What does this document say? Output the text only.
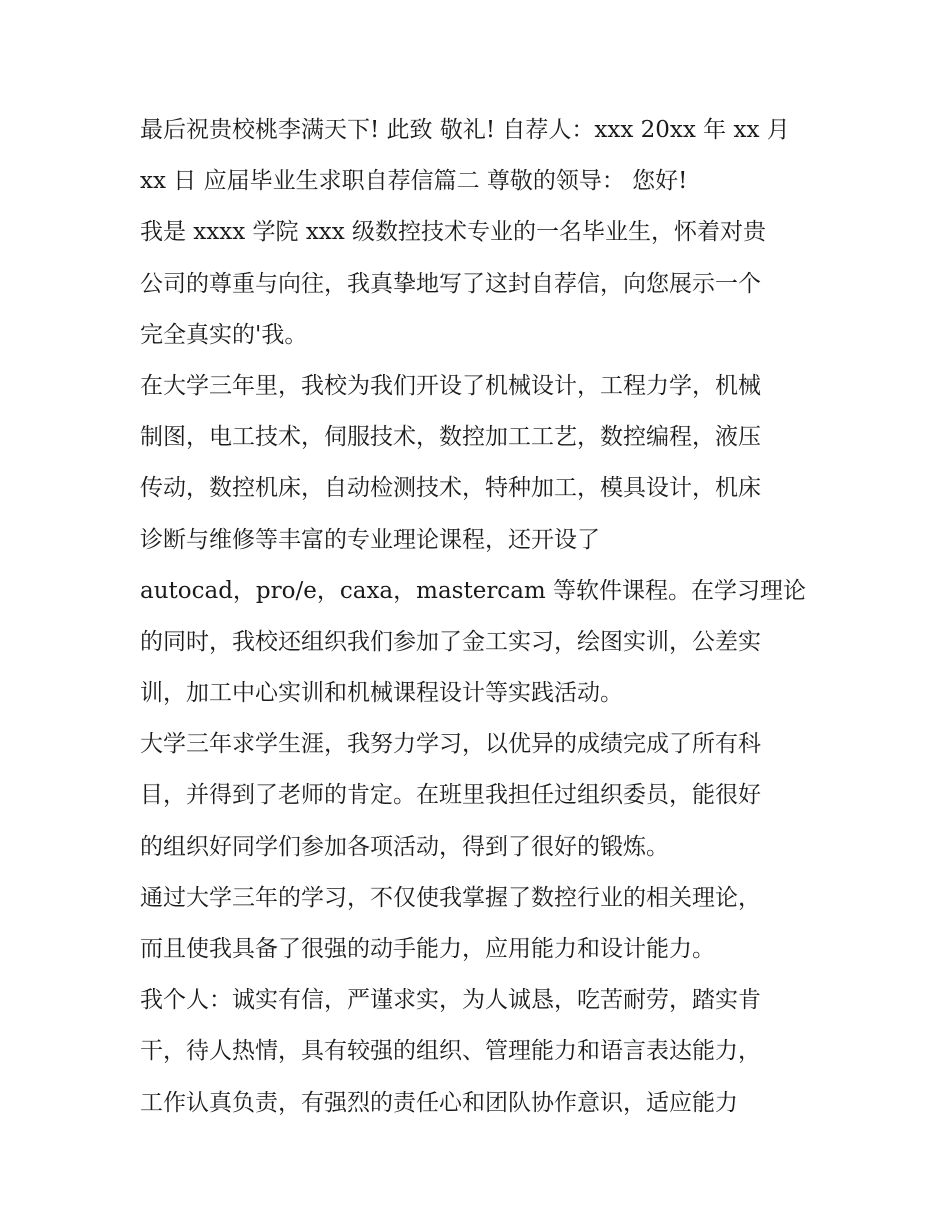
最后祝贵校桃李满天下! 此致 敬礼! 自荐人：xxx 20xx 年 xx 月

xx 日 应届毕业生求职自荐信篇二 尊敬的领导： 您好!

我是 xxxx 学院 xxx 级数控技术专业的一名毕业生，怀着对贵

公司的尊重与向往，我真挚地写了这封自荐信，向您展示一个

完全真实的'我。

在大学三年里，我校为我们开设了机械设计，工程力学，机械

制图，电工技术，伺服技术，数控加工工艺，数控编程，液压

传动，数控机床，自动检测技术，特种加工，模具设计，机床

诊断与维修等丰富的专业理论课程，还开设了

autocad，pro/e，caxa，mastercam 等软件课程。在学习理论

的同时，我校还组织我们参加了金工实习，绘图实训，公差实

训，加工中心实训和机械课程设计等实践活动。

大学三年求学生涯，我努力学习，以优异的成绩完成了所有科

目，并得到了老师的肯定。在班里我担任过组织委员，能很好

的组织好同学们参加各项活动，得到了很好的锻炼。

通过大学三年的学习，不仅使我掌握了数控行业的相关理论，

而且使我具备了很强的动手能力，应用能力和设计能力。

我个人：诚实有信，严谨求实，为人诚恳，吃苦耐劳，踏实肯

干，待人热情，具有较强的组织、管理能力和语言表达能力，

工作认真负责，有强烈的责任心和团队协作意识，适应能力
